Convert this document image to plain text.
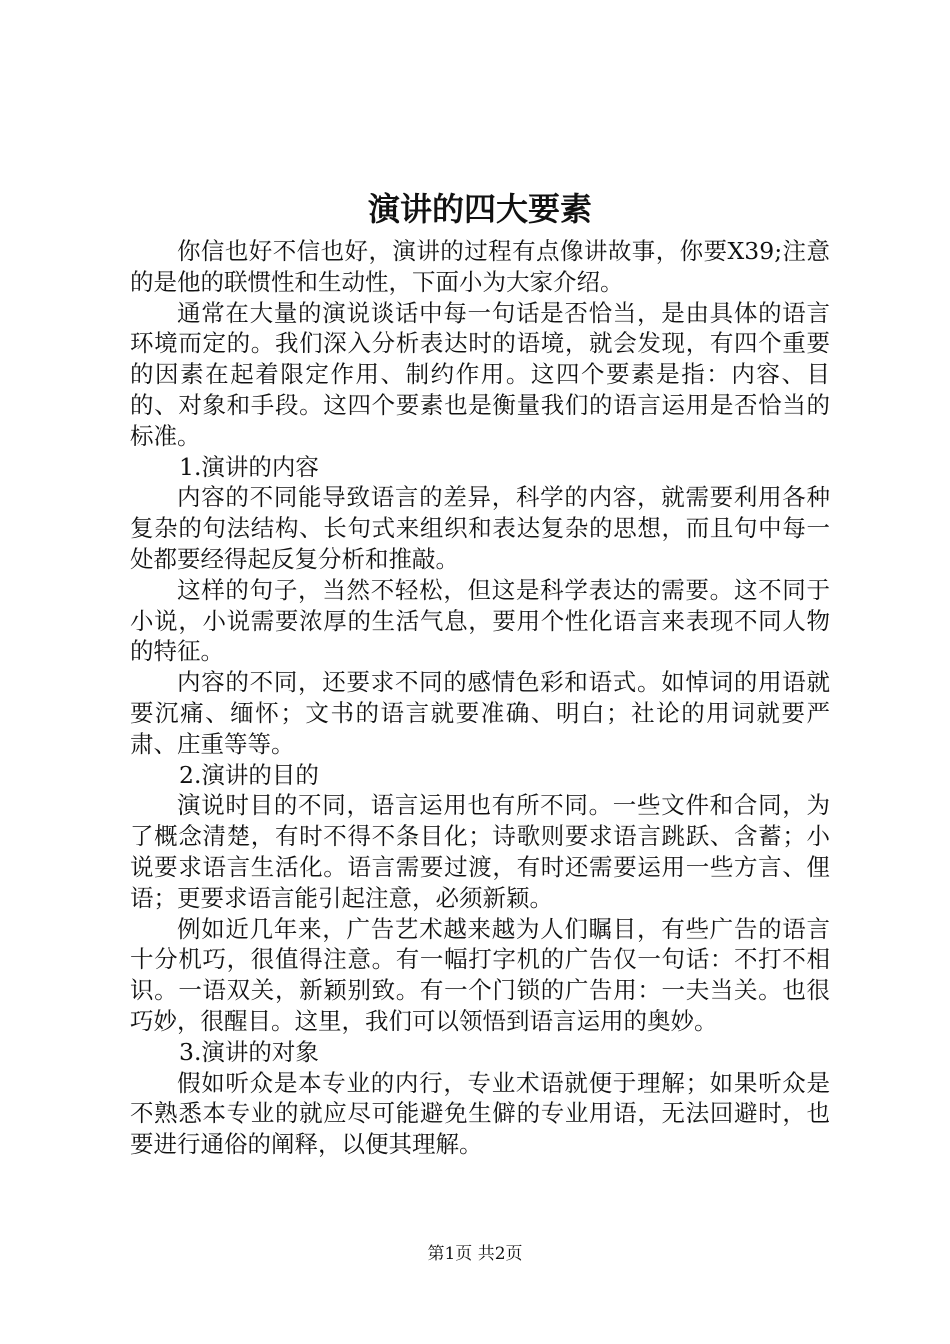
演讲的四大要素

你信也好不信也好，演讲的过程有点像讲故事，你要X39;注意的是他的联惯性和生动性，下面小为大家介绍。

通常在大量的演说谈话中每一句话是否恰当，是由具体的语言环境而定的。我们深入分析表达时的语境，就会发现，有四个重要的因素在起着限定作用、制约作用。这四个要素是指：内容、目的、对象和手段。这四个要素也是衡量我们的语言运用是否恰当的标准。

1.演讲的内容

内容的不同能导致语言的差异，科学的内容，就需要利用各种复杂的句法结构、长句式来组织和表达复杂的思想，而且句中每一处都要经得起反复分析和推敲。

这样的句子，当然不轻松，但这是科学表达的需要。这不同于小说，小说需要浓厚的生活气息，要用个性化语言来表现不同人物的特征。

内容的不同，还要求不同的感情色彩和语式。如悼词的用语就要沉痛、缅怀；文书的语言就要准确、明白；社论的用词就要严肃、庄重等等。

2.演讲的目的

演说时目的不同，语言运用也有所不同。一些文件和合同，为了概念清楚，有时不得不条目化；诗歌则要求语言跳跃、含蓄；小说要求语言生活化。语言需要过渡，有时还需要运用一些方言、俚语；更要求语言能引起注意，必须新颖。

例如近几年来，广告艺术越来越为人们瞩目，有些广告的语言十分机巧，很值得注意。有一幅打字机的广告仅一句话：不打不相识。一语双关，新颖别致。有一个门锁的广告用：一夫当关。也很巧妙，很醒目。这里，我们可以领悟到语言运用的奥妙。

3.演讲的对象

假如听众是本专业的内行，专业术语就便于理解；如果听众是不熟悉本专业的就应尽可能避免生僻的专业用语，无法回避时，也要进行通俗的阐释，以便其理解。

第1页 共2页
